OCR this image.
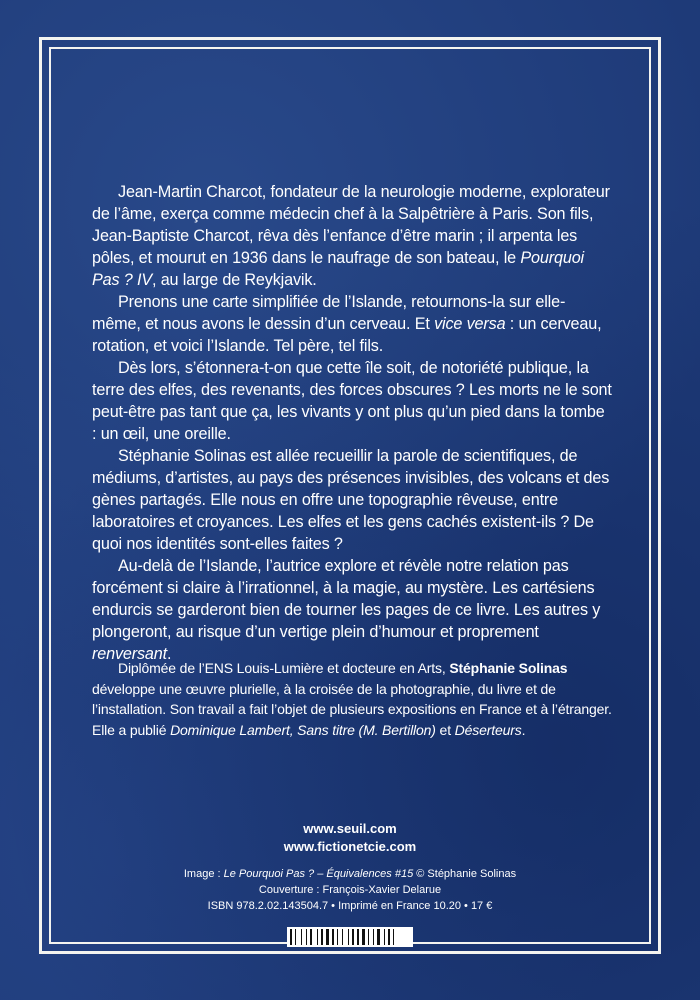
Jean-Martin Charcot, fondateur de la neurologie moderne, explorateur de l’âme, exerça comme médecin chef à la Salpêtrière à Paris. Son fils, Jean-Baptiste Charcot, rêva dès l’enfance d’être marin ; il arpenta les pôles, et mourut en 1936 dans le naufrage de son bateau, le Pourquoi Pas ? IV, au large de Reykjavik.

Prenons une carte simplifiée de l’Islande, retournons-la sur elle-même, et nous avons le dessin d’un cerveau. Et vice versa : un cerveau, rotation, et voici l’Islande. Tel père, tel fils.

Dès lors, s’étonnera-t-on que cette île soit, de notoriété publique, la terre des elfes, des revenants, des forces obscures ? Les morts ne le sont peut-être pas tant que ça, les vivants y ont plus qu’un pied dans la tombe : un œil, une oreille.

Stéphanie Solinas est allée recueillir la parole de scientifiques, de médiums, d’artistes, au pays des présences invisibles, des volcans et des gènes partagés. Elle nous en offre une topographie rêveuse, entre laboratoires et croyances. Les elfes et les gens cachés existent-ils ? De quoi nos identités sont-elles faites ?

Au-delà de l’Islande, l’autrice explore et révèle notre relation pas forcément si claire à l’irrationnel, à la magie, au mystère. Les cartésiens endurcis se garderont bien de tourner les pages de ce livre. Les autres y plongeront, au risque d’un vertige plein d’humour et proprement renversant.

Diplômée de l’ENS Louis-Lumière et docteure en Arts, Stéphanie Solinas développe une œuvre plurielle, à la croisée de la photographie, du livre et de l’installation. Son travail a fait l’objet de plusieurs expositions en France et à l’étranger. Elle a publié Dominique Lambert, Sans titre (M. Bertillon) et Déserteurs.

www.seuil.com
www.fictionetcie.com
Image : Le Pourquoi Pas ? – Équivalences #15 © Stéphanie Solinas
Couverture : François-Xavier Delarue
ISBN 978.2.02.143504.7 • Imprimé en France 10.20 • 17 €
